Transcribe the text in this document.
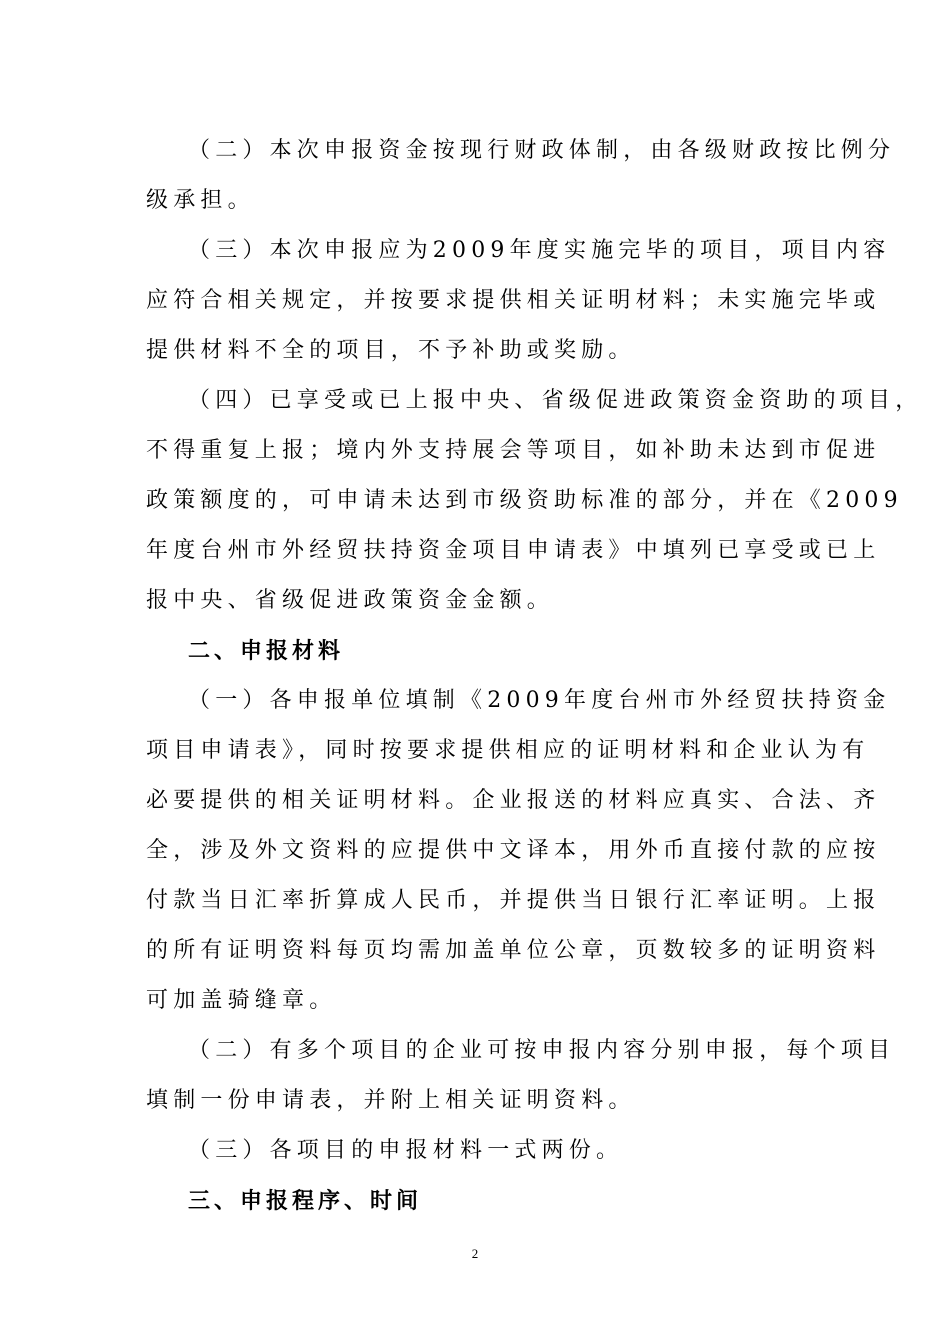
（二）本次申报资金按现行财政体制，由各级财政按比例分
级承担。
（三）本次申报应为2009年度实施完毕的项目，项目内容
应符合相关规定，并按要求提供相关证明材料；未实施完毕或
提供材料不全的项目，不予补助或奖励。
（四）已享受或已上报中央、省级促进政策资金资助的项目，
不得重复上报；境内外支持展会等项目，如补助未达到市促进
政策额度的，可申请未达到市级资助标准的部分，并在《2009
年度台州市外经贸扶持资金项目申请表》中填列已享受或已上
报中央、省级促进政策资金金额。
二、申报材料
（一）各申报单位填制《2009年度台州市外经贸扶持资金
项目申请表》，同时按要求提供相应的证明材料和企业认为有
必要提供的相关证明材料。企业报送的材料应真实、合法、齐
全，涉及外文资料的应提供中文译本，用外币直接付款的应按
付款当日汇率折算成人民币，并提供当日银行汇率证明。上报
的所有证明资料每页均需加盖单位公章，页数较多的证明资料
可加盖骑缝章。
（二）有多个项目的企业可按申报内容分别申报，每个项目
填制一份申请表，并附上相关证明资料。
（三）各项目的申报材料一式两份。
三、申报程序、时间
2
